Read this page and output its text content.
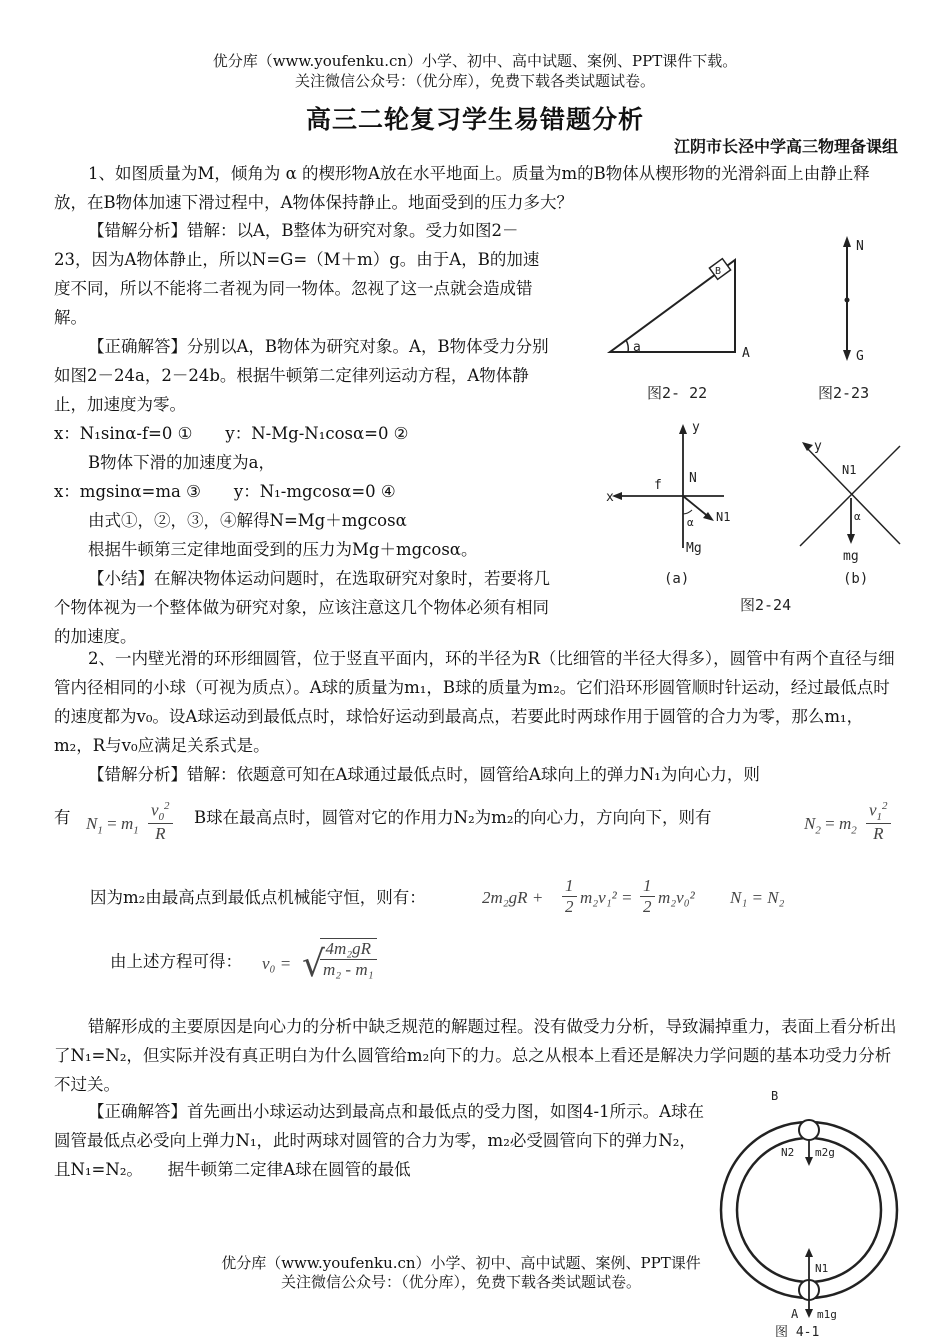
优分库（www.youfenku.cn）小学、初中、高中试题、案例、PPT课件下载。
关注微信公众号：（优分库），免费下载各类试题试卷。
高三二轮复习学生易错题分析
江阴市长泾中学高三物理备课组

1、如图质量为M，倾角为 α 的楔形物A放在水平地面上。质量为m的B物体从楔形物的光滑斜面上由静止释放，在B物体加速下滑过程中，A物体保持静止。地面受到的压力多大？

【错解分析】错解：以A，B整体为研究对象。受力如图2－23，因为A物体静止，所以N=G=（M＋m）g。由于A，B的加速度不同，所以不能将二者视为同一物体。忽视了这一点就会造成错解。

【正确解答】分别以A，B物体为研究对象。A，B物体受力分别如图2－24a，2－24b。根据牛顿第二定律列运动方程，A物体静止，加速度为零。

x：N₁sinα-f=0 ①　　y：N-Mg-N₁cosα=0 ②

B物体下滑的加速度为a，

x：mgsinα=ma ③　　y：N₁-mgcosα=0 ④

由式①，②，③，④解得N=Mg＋mgcosα

根据牛顿第三定律地面受到的压力为Mg＋mgcosα。

【小结】在解决物体运动问题时，在选取研究对象时，若要将几个物体视为一个整体做为研究对象，应该注意这几个物体必须有相同的加速度。

B
a	A
图2- 22
N
G
图2-23
y
x
f N
N1
α
Mg
(a)
y
N1
α
mg
(b)
图2-24

2、一内壁光滑的环形细圆管，位于竖直平面内，环的半径为R（比细管的半径大得多），圆管中有两个直径与细管内径相同的小球（可视为质点）。A球的质量为m₁，B球的质量为m₂。它们沿环形圆管顺时针运动，经过最低点时的速度都为v₀。设A球运动到最低点时，球恰好运动到最高点，若要此时两球作用于圆管的合力为零，那么m₁，m₂，R与v₀应满足关系式是。

【错解分析】错解：依题意可知在A球通过最低点时，圆管给A球向上的弹力N₁为向心力，则

有 $N_1 = m_1 \frac{v_0^2}{R}$ B球在最高点时，圆管对它的作用力N₂为m₂的向心力，方向向下，则有	$N_2 = m_2 \frac{v_1^2}{R}$
因为m₂由最高点到最低点机械能守恒，则有：	$2m_2gR + \frac{1}{2} m_2v_1^2 = \frac{1}{2} m_2v_0^2$ N₁ = N₂
由上述方程可得： v₀ = √
$\frac{\text{4m₂gR}}{\text{m₂ - m₁}}$

错解形成的主要原因是向心力的分析中缺乏规范的解题过程。没有做受力分析，导致漏掉重力，表面上看分析出了N₁=N₂，但实际并没有真正明白为什么圆管给m₂向下的力。总之从根本上看还是解决力学问题的基本功受力分析不过关。

【正确解答】首先画出小球运动达到最高点和最低点的受力图，如图4-1所示。A球在圆管最低点必受向上弹力N₁，此时两球对圆管的合力为零，m₂必受圆管向下的弹力N₂，且N₁=N₂。　　据牛顿第二定律A球在圆管的最低

B
N2 m2g
N1
A m1g
图 4-1
优分库（www.youfenku.cn）小学、初中、高中试题、案例、PPT课件
关注微信公众号：（优分库），免费下载各类试题试卷。
